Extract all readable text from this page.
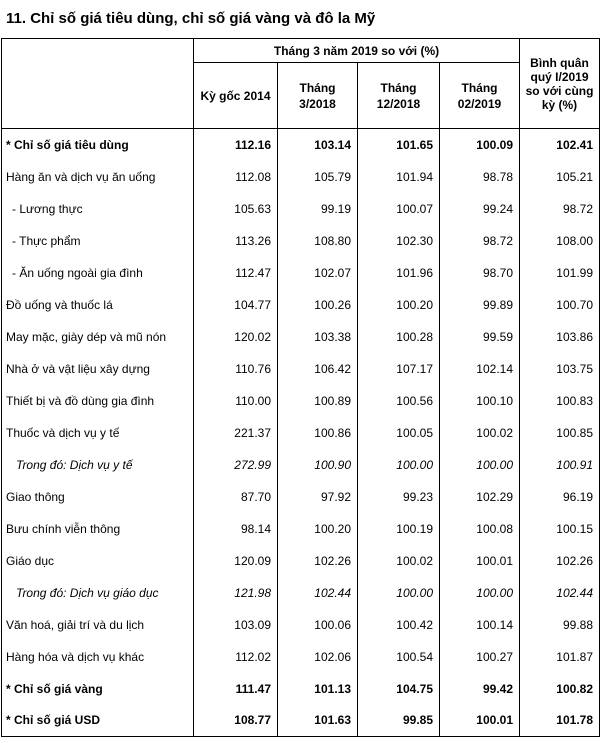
11. Chỉ số giá tiêu dùng, chỉ số giá vàng và đô la Mỹ
	Tháng 3 năm 2019 so với (%)				Bình quân quý I/2019 so với cùng kỳ (%)
	Kỳ gốc 2014	Tháng 3/2018	Tháng 12/2018	Tháng 02/2019	
* Chỉ số giá tiêu dùng	112.16	103.14	101.65	100.09	102.41
Hàng ăn và dịch vụ ăn uống	112.08	105.79	101.94	98.78	105.21
- Lương thực	105.63	99.19	100.07	99.24	98.72
- Thực phẩm	113.26	108.80	102.30	98.72	108.00
- Ăn uống ngoài gia đình	112.47	102.07	101.96	98.70	101.99
Đồ uống và thuốc lá	104.77	100.26	100.20	99.89	100.70
May mặc, giày dép và mũ nón	120.02	103.38	100.28	99.59	103.86
Nhà ở và vật liệu xây dựng	110.76	106.42	107.17	102.14	103.75
Thiết bị và đồ dùng gia đình	110.00	100.89	100.56	100.10	100.83
Thuốc và dịch vụ y tế	221.37	100.86	100.05	100.02	100.85
Trong đó: Dịch vụ y tế	272.99	100.90	100.00	100.00	100.91
Giao thông	87.70	97.92	99.23	102.29	96.19
Bưu chính viễn thông	98.14	100.20	100.19	100.08	100.15
Giáo dục	120.09	102.26	100.02	100.01	102.26
Trong đó: Dịch vụ giáo dục	121.98	102.44	100.00	100.00	102.44
Văn hoá, giải trí và du lịch	103.09	100.06	100.42	100.14	99.88
Hàng hóa và dịch vụ khác	112.02	102.06	100.54	100.27	101.87
* Chỉ số giá vàng	111.47	101.13	104.75	99.42	100.82
* Chỉ số giá USD	108.77	101.63	99.85	100.01	101.78
